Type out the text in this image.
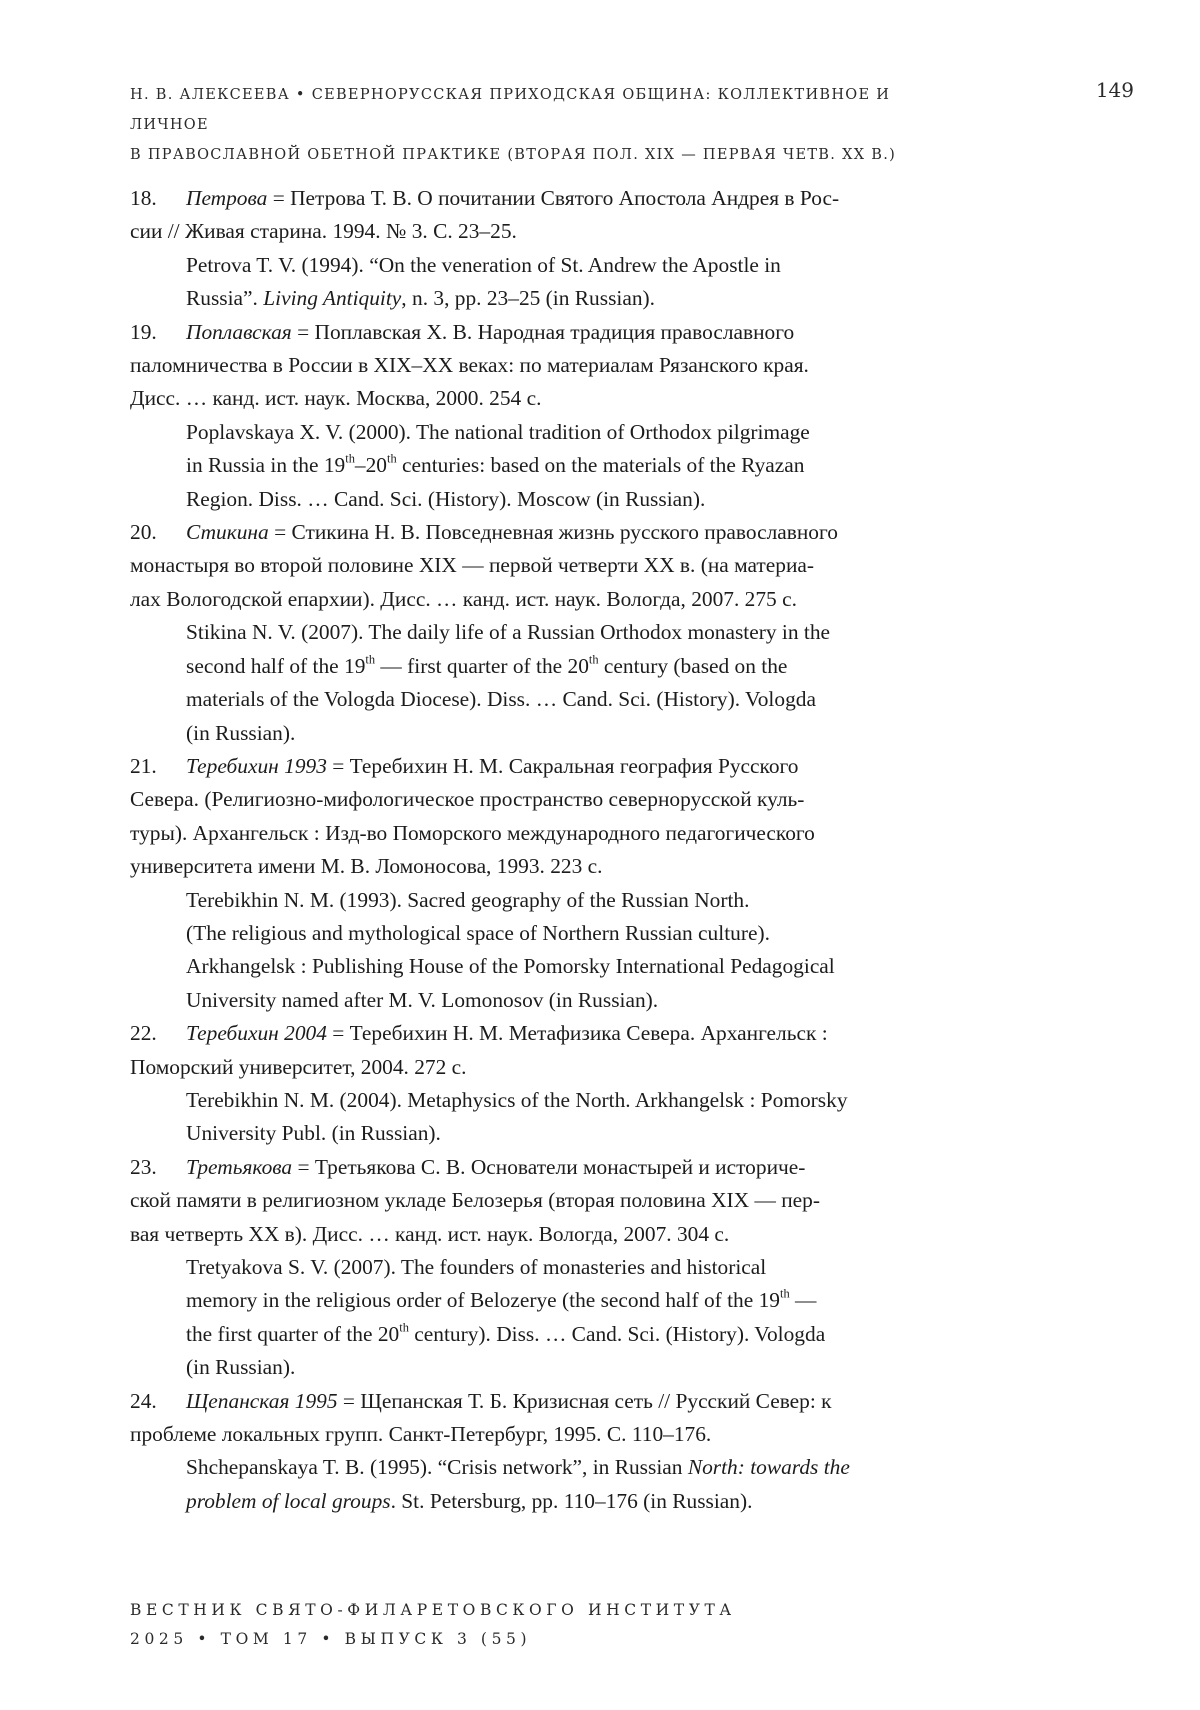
Н. В. АЛЕКСЕЕВА • СЕВЕРНОРУССКАЯ ПРИХОДСКАЯ ОБЩИНА: КОЛЛЕКТИВНОЕ И ЛИЧНОЕ
В ПРАВОСЛАВНОЙ ОБЕТНОЙ ПРАКТИКЕ (ВТОРАЯ ПОЛ. XIX — ПЕРВАЯ ЧЕТВ. XX В.)
149

18. Петрова = Петрова Т. В. О почитании Святого Апостола Андрея в Рос-
сии // Живая старина. 1994. № 3. С. 23–25.

Petrova T. V. (1994). “On the veneration of St. Andrew the Apostle in
Russia”. Living Antiquity, n. 3, pp. 23–25 (in Russian).

19. Поплавская = Поплавская Х. В. Народная традиция православного
паломничества в России в XIX–XX веках: по материалам Рязанского края.
Дисс. … канд. ист. наук. Москва, 2000. 254 с.

Poplavskaya X. V. (2000). The national tradition of Orthodox pilgrimage
in Russia in the 19th–20th centuries: based on the materials of the Ryazan
Region. Diss. … Cand. Sci. (History). Moscow (in Russian).

20. Стикина = Стикина Н. В. Повседневная жизнь русского православного
монастыря во второй половине XIX — первой четверти XX в. (на материа-
лах Вологодской епархии). Дисс. … канд. ист. наук. Вологда, 2007. 275 с.

Stikina N. V. (2007). The daily life of a Russian Orthodox monastery in the
second half of the 19th — first quarter of the 20th century (based on the
materials of the Vologda Diocese). Diss. … Cand. Sci. (History). Vologda
(in Russian).

21. Теребихин 1993 = Теребихин Н. М. Сакральная география Русского
Севера. (Религиозно-мифологическое пространство севернорусской куль-
туры). Архангельск : Изд-во Поморского международного педагогического
университета имени М. В. Ломоносова, 1993. 223 с.

Terebikhin N. M. (1993). Sacred geography of the Russian North.
(The religious and mythological space of Northern Russian culture).
Arkhangelsk : Publishing House of the Pomorsky International Pedagogical
University named after M. V. Lomonosov (in Russian).

22. Теребихин 2004 = Теребихин Н. М. Метафизика Севера. Архангельск :
Поморский университет, 2004. 272 с.

Terebikhin N. M. (2004). Metaphysics of the North. Arkhangelsk : Pomorsky
University Publ. (in Russian).

23. Третьякова = Третьякова С. В. Основатели монастырей и историче-
ской памяти в религиозном укладе Белозерья (вторая половина XIX — пер-
вая четверть XX в). Дисс. … канд. ист. наук. Вологда, 2007. 304 с.

Tretyakova S. V. (2007). The founders of monasteries and historical
memory in the religious order of Belozerye (the second half of the 19th —
the first quarter of the 20th century). Diss. … Cand. Sci. (History). Vologda
(in Russian).

24. Щепанская 1995 = Щепанская Т. Б. Кризисная сеть // Русский Север: к
проблеме локальных групп. Санкт-Петербург, 1995. С. 110–176.

Shchepanskaya T. B. (1995). “Crisis network”, in Russian North: towards the
problem of local groups. St. Petersburg, pp. 110–176 (in Russian).

ВЕСТНИК СВЯТО-ФИЛАРЕТОВСКОГО ИНСТИТУТА
2025 • ТОМ 17 • ВЫПУСК 3 (55)
